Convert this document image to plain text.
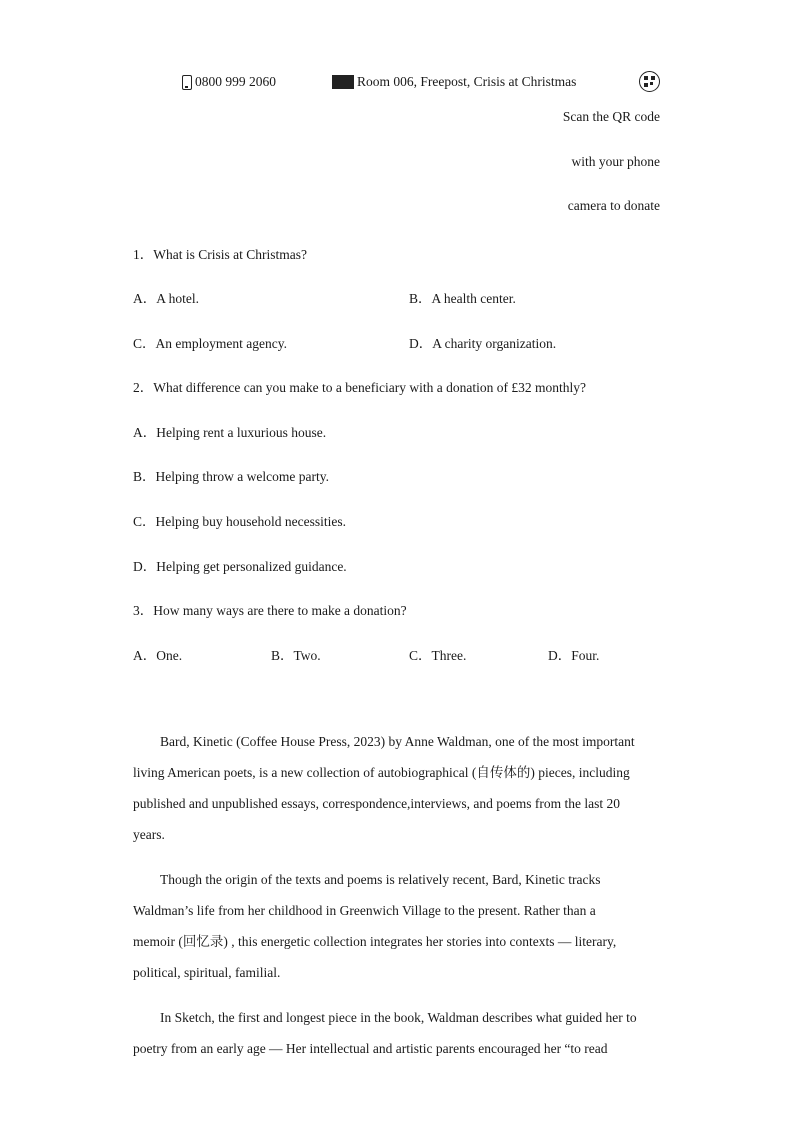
0800 999 2060	Room 006, Freepost, Crisis at Christmas
Scan the QR code
with your phone
camera to donate
1．What is Crisis at Christmas?
A．A hotel.	B．A health center.
C．An employment agency.	D．A charity organization.
2．What difference can you make to a beneficiary with a donation of £32 monthly?
A．Helping rent a luxurious house.
B．Helping throw a welcome party.
C．Helping buy household necessities.
D．Helping get personalized guidance.
3．How many ways are there to make a donation?
A．One.	B．Two.	C．Three.	D．Four.
Bard, Kinetic (Coffee House Press, 2023) by Anne Waldman, one of the most important
living American poets, is a new collection of autobiographical (自传体的) pieces, including
published and unpublished essays, correspondence,interviews, and poems from the last 20
years.
Though the origin of the texts and poems is relatively recent, Bard, Kinetic tracks
Waldman’s life from her childhood in Greenwich Village to the present. Rather than a
memoir (回忆录) , this energetic collection integrates her stories into contexts — literary,
political, spiritual, familial.
In Sketch, the first and longest piece in the book, Waldman describes what guided her to
poetry from an early age — Her intellectual and artistic parents encouraged her “to read
